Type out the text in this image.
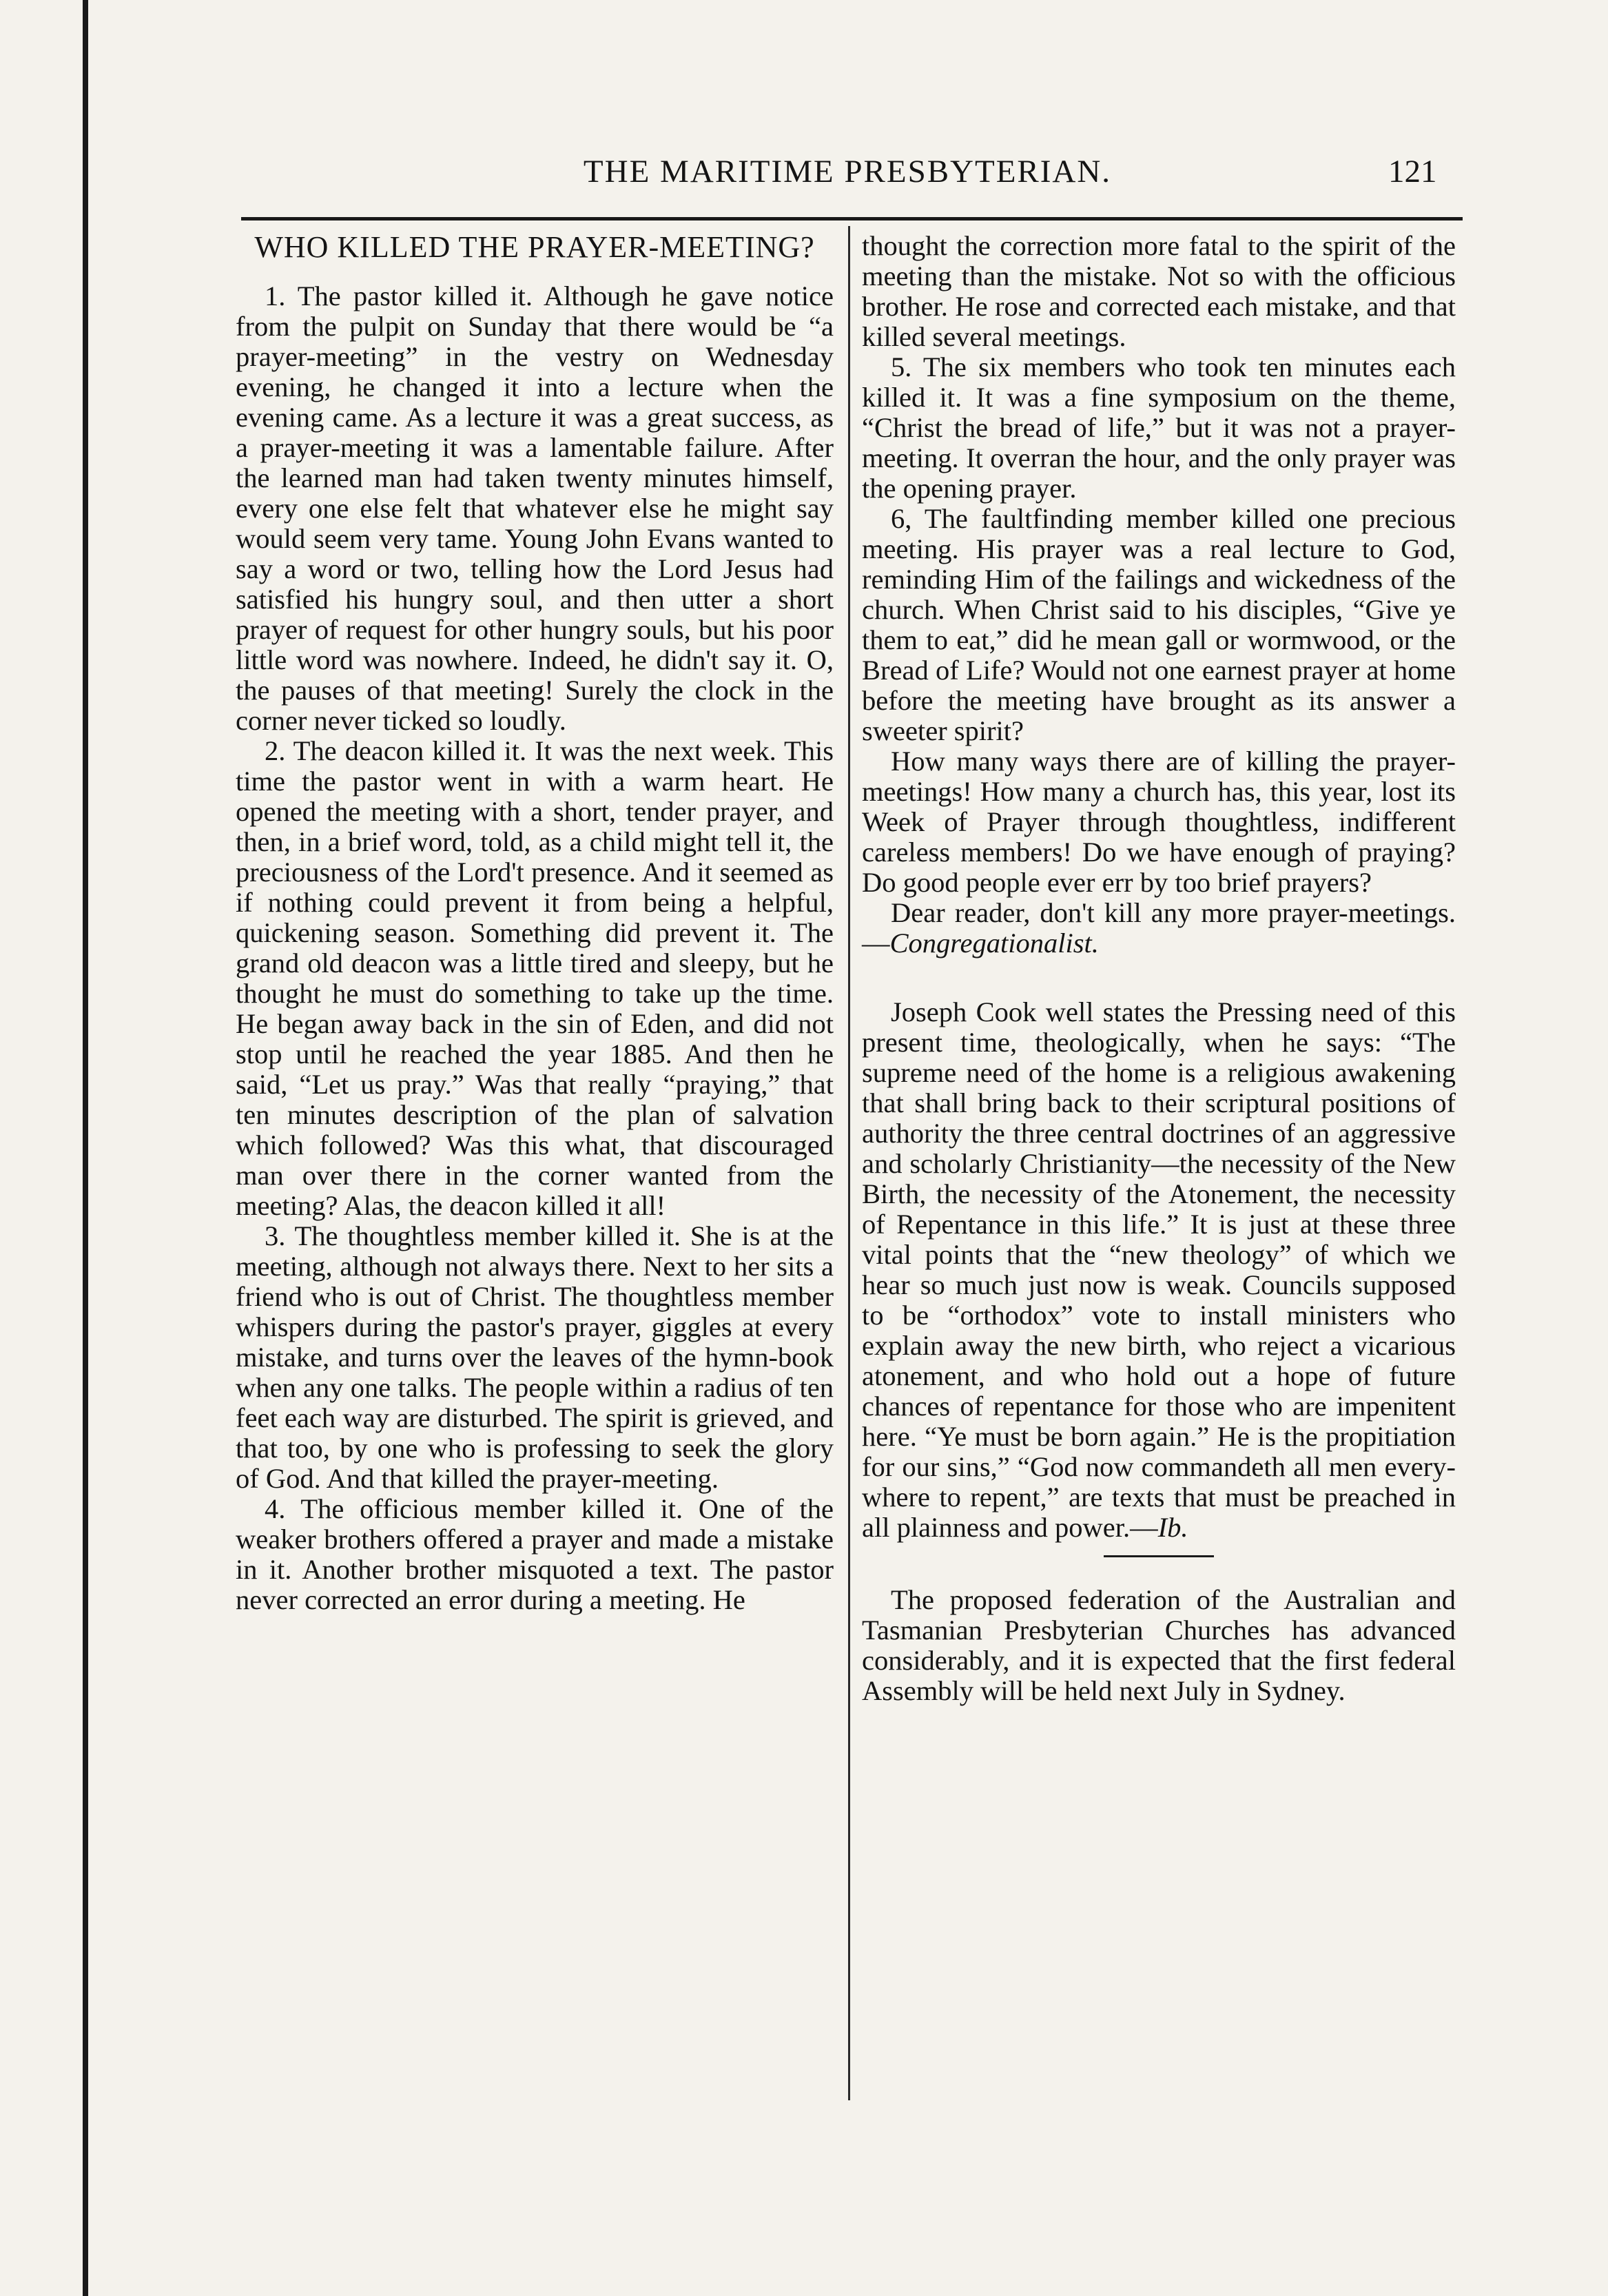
THE MARITIME PRESBYTERIAN.	121
WHO KILLED THE PRAYER-MEETING?

1. The pastor killed it. Although he gave notice from the pulpit on Sunday that there would be “a prayer-meeting” in the vestry on Wednesday evening, he changed it into a lecture when the evening came. As a lecture it was a great success, as a prayer-meeting it was a lamentable failure. After the learned man had taken twenty minutes himself, every one else felt that whatever else he might say would seem very tame. Young John Evans wanted to say a word or two, telling how the Lord Jesus had satisfied his hungry soul, and then utter a short prayer of request for other hungry souls, but his poor little word was nowhere. Indeed, he didn't say it. O, the pauses of that meeting! Surely the clock in the corner never ticked so loudly.

2. The deacon killed it. It was the next week. This time the pastor went in with a warm heart. He opened the meeting with a short, tender prayer, and then, in a brief word, told, as a child might tell it, the preciousness of the Lord't presence. And it seemed as if nothing could prevent it from being a helpful, quickening season. Something did prevent it. The grand old deacon was a little tired and sleepy, but he thought he must do something to take up the time. He began away back in the sin of Eden, and did not stop until he reached the year 1885. And then he said, “Let us pray.” Was that really “praying,” that ten minutes description of the plan of salvation which followed? Was this what, that discouraged man over there in the corner wanted from the meeting? Alas, the deacon killed it all!

3. The thoughtless member killed it. She is at the meeting, although not always there. Next to her sits a friend who is out of Christ. The thoughtless member whispers during the pastor's prayer, giggles at every mistake, and turns over the leaves of the hymn-book when any one talks. The people within a radius of ten feet each way are disturbed. The spirit is grieved, and that too, by one who is professing to seek the glory of God. And that killed the prayer-meeting.

4. The officious member killed it. One of the weaker brothers offered a prayer and made a mistake in it. Another brother misquoted a text. The pastor never corrected an error during a meeting. He

thought the correction more fatal to the spirit of the meeting than the mistake. Not so with the officious brother. He rose and corrected each mistake, and that killed several meetings.

5. The six members who took ten minutes each killed it. It was a fine symposium on the theme, “Christ the bread of life,” but it was not a prayer-meeting. It overran the hour, and the only prayer was the opening prayer.

6, The faultfinding member killed one precious meeting. His prayer was a real lecture to God, reminding Him of the failings and wickedness of the church. When Christ said to his disciples, “Give ye them to eat,” did he mean gall or wormwood, or the Bread of Life? Would not one earnest prayer at home before the meeting have brought as its answer a sweeter spirit?

How many ways there are of killing the prayer-meetings! How many a church has, this year, lost its Week of Prayer through thoughtless, indifferent careless members! Do we have enough of praying? Do good people ever err by too brief prayers?

Dear reader, don't kill any more prayer-meetings.—Congregationalist.

Joseph Cook well states the Pressing need of this present time, theologically, when he says: “The supreme need of the home is a religious awakening that shall bring back to their scriptural positions of authority the three central doctrines of an aggressive and scholarly Christianity—the necessity of the New Birth, the necessity of the Atonement, the necessity of Repentance in this life.” It is just at these three vital points that the “new theology” of which we hear so much just now is weak. Councils supposed to be “orthodox” vote to install ministers who explain away the new birth, who reject a vicarious atonement, and who hold out a hope of future chances of repentance for those who are impenitent here. “Ye must be born again.” He is the propitiation for our sins,” “God now commandeth all men every-where to repent,” are texts that must be preached in all plainness and power.—Ib.

The proposed federation of the Australian and Tasmanian Presbyterian Churches has advanced considerably, and it is expected that the first federal Assembly will be held next July in Sydney.
